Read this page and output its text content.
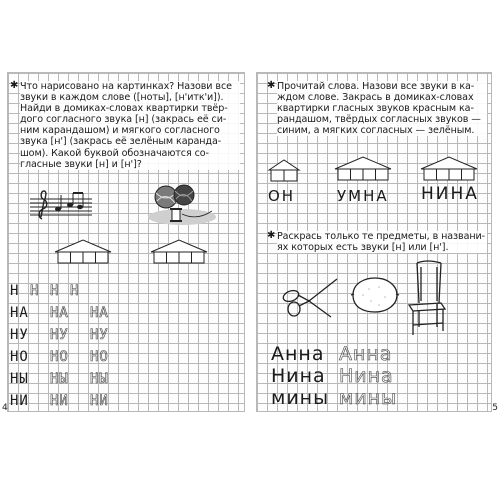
✱ Что нарисовано на картинках? Назови все
звуки в каждом слове ([ноты], [н'итк'и]).
Найди в домиках-словах квартирки твёр-
дого согласного звука [н] (закрась её си-
ним карандашом) и мягкого согласного
звука [н'] (закрась её зелёным каранда-
шом). Какой буквой обозначаются со-
гласные звуки [н] и [н']?
Н Н Н Н
НА НА НА
НУ НУ НУ
НО НО НО
НЫ НЫ НЫ
НИ НИ НИ
4
✱ Прочитай слова. Назови все звуки в ка-
ждом слове. Закрась в домиках-словах
квартирки гласных звуков красным ка-
рандашом, твёрдых согласных звуков —
синим, а мягких согласных — зелёным.
ОН	УМНА НИНА
✱ Раскрась только те предметы, в названи-
ях которых есть звуки [н] или [н'].
Анна Анна
Нина Нина
мины мины	5
